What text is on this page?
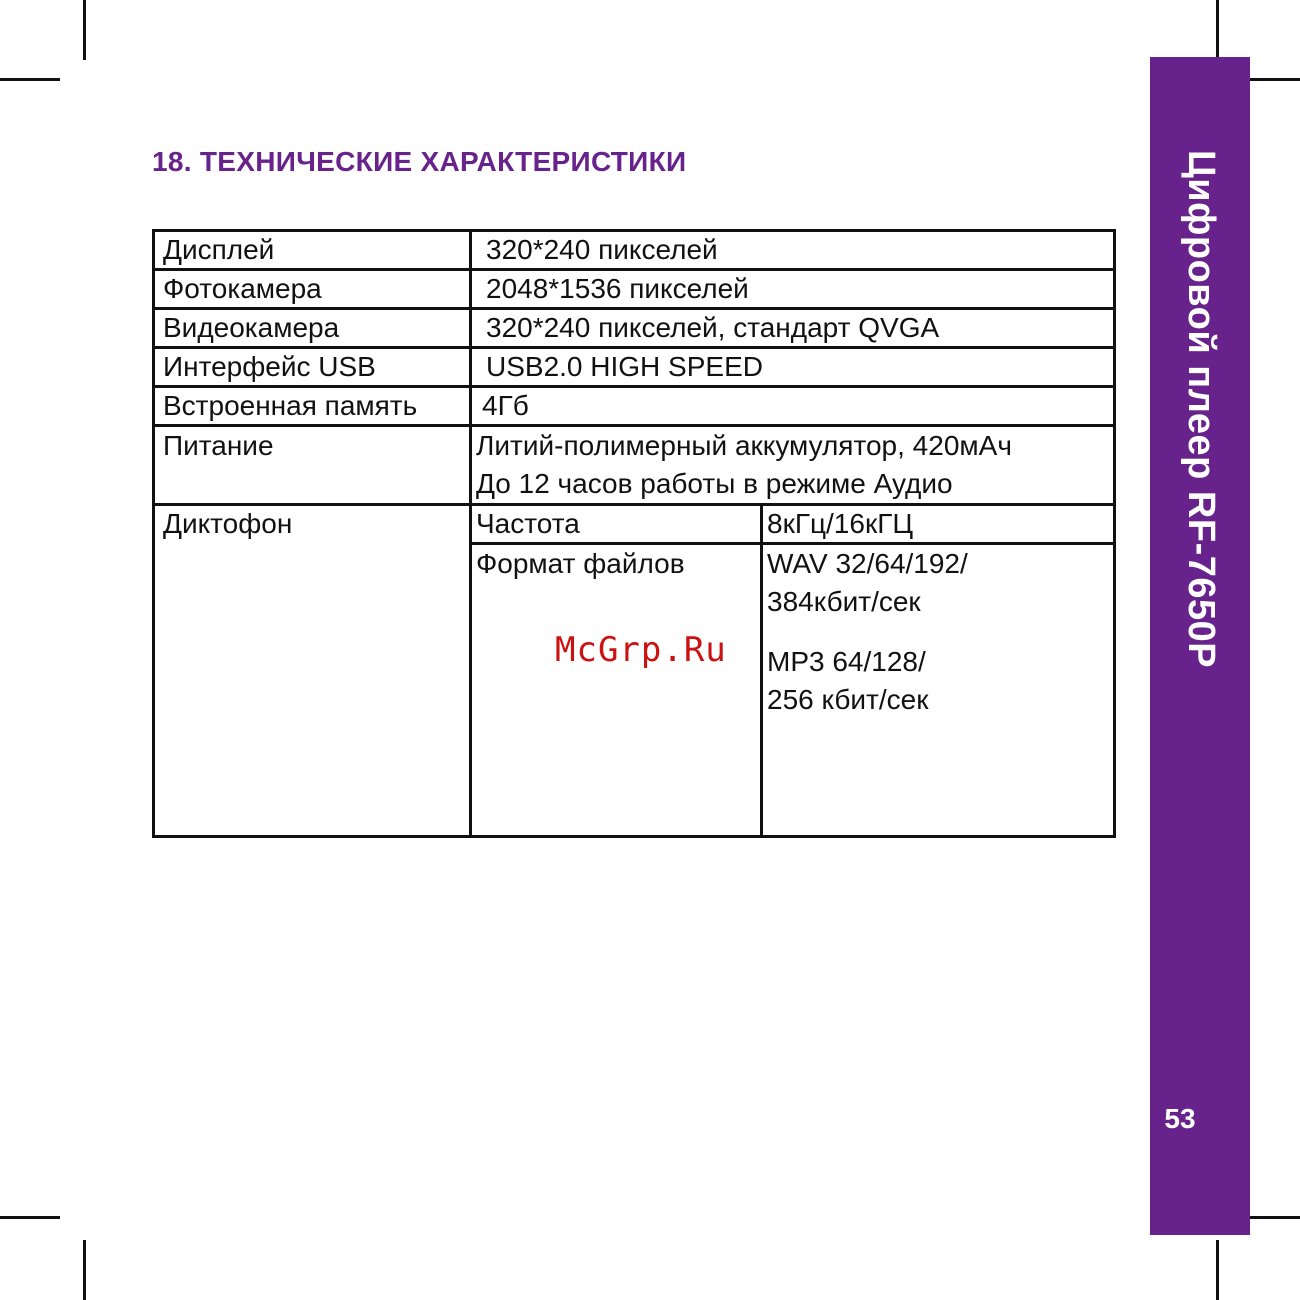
Цифровой плеер RF-7650P
53
18. ТЕХНИЧЕСКИЕ ХАРАКТЕРИСТИКИ
Дисплей	320*240 пикселей	
Фотокамера	2048*1536 пикселей	
Видеокамера	320*240 пикселей, стандарт QVGA	
Интерфейс USB	USB2.0 HIGH SPEED	
Встроенная память	4Гб	
Питание	Литий-полимерный аккумулятор, 420мАч
До 12 часов работы в режиме Аудио	

Диктофон	Частота	8кГц/16кГЦ
	Формат файлов	WAV 32/64/192/
384кбит/сек
MP3 64/128/
256 кбит/сек
McGrp.Ru
